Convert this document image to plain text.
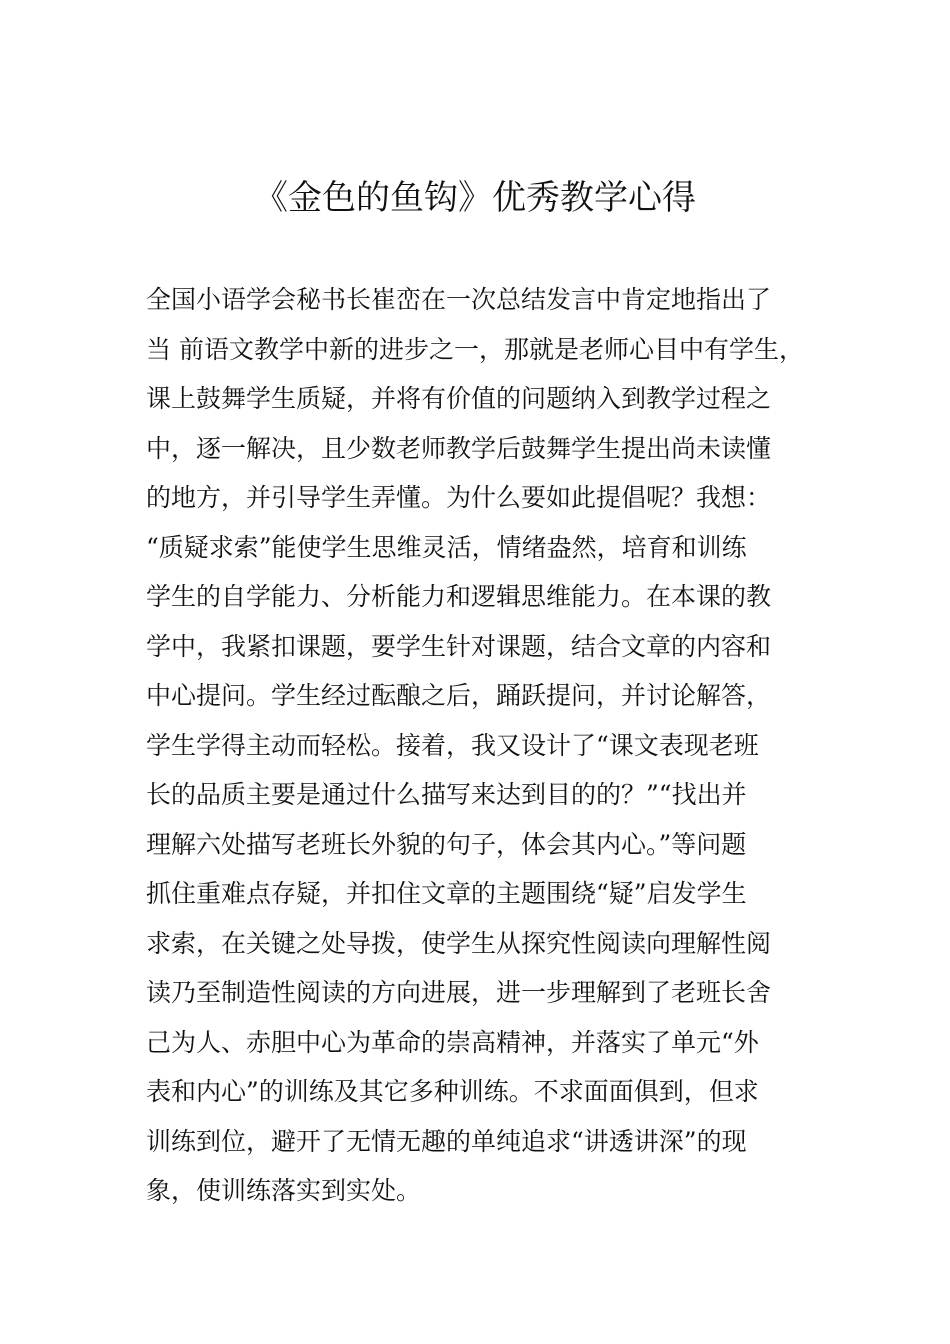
《金色的鱼钩》优秀教学心得
全国小语学会秘书长崔峦在一次总结发言中肯定地指出了
当 前语文教学中新的进步之一，那就是老师心目中有学生，
课上鼓舞学生质疑，并将有价值的问题纳入到教学过程之
中，逐一解决，且少数老师教学后鼓舞学生提出尚未读懂
的地方，并引导学生弄懂。为什么要如此提倡呢？我想：
“质疑求索”能使学生思维灵活，情绪盎然，培育和训练
学生的自学能力、分析能力和逻辑思维能力。在本课的教
学中，我紧扣课题，要学生针对课题，结合文章的内容和
中心提问。学生经过酝酿之后，踊跃提问，并讨论解答，
学生学得主动而轻松。接着，我又设计了“课文表现老班
长的品质主要是通过什么描写来达到目的的？”“找出并
理解六处描写老班长外貌的句子，体会其内心。”等问题
抓住重难点存疑，并扣住文章的主题围绕“疑”启发学生
求索，在关键之处导拨，使学生从探究性阅读向理解性阅
读乃至制造性阅读的方向进展，进一步理解到了老班长舍
己为人、赤胆中心为革命的崇高精神，并落实了单元“外
表和内心”的训练及其它多种训练。不求面面俱到，但求
训练到位，避开了无情无趣的单纯追求“讲透讲深”的现
象，使训练落实到实处。
